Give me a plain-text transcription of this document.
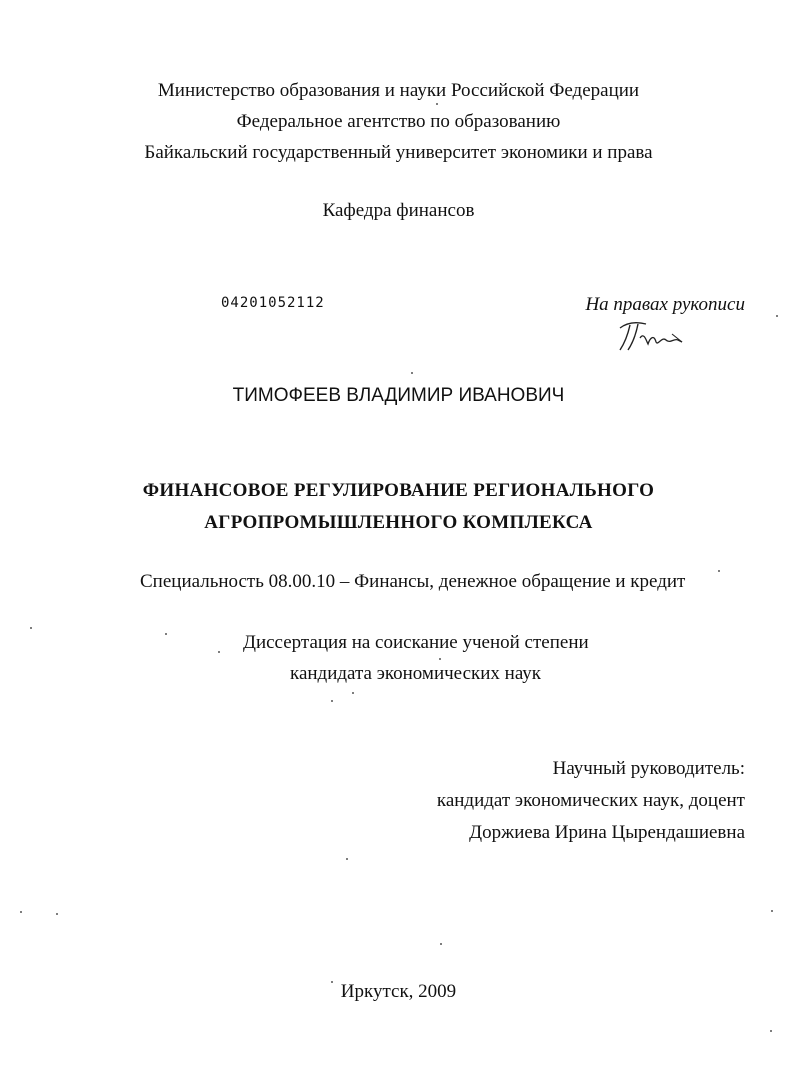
Министерство образования и науки Российской Федерации
Федеральное агентство по образованию
Байкальский государственный университет экономики и права
Кафедра финансов
04201052112	На правах рукописи
ТИМОФЕЕВ ВЛАДИМИР ИВАНОВИЧ
ФИНАНСОВОЕ РЕГУЛИРОВАНИЕ РЕГИОНАЛЬНОГО
АГРОПРОМЫШЛЕННОГО КОМПЛЕКСА
Специальность 08.00.10 – Финансы, денежное обращение и кредит
Диссертация на соискание ученой степени
кандидата экономических наук
Научный руководитель:
кандидат экономических наук, доцент
Доржиева Ирина Цырендашиевна
Иркутск, 2009
